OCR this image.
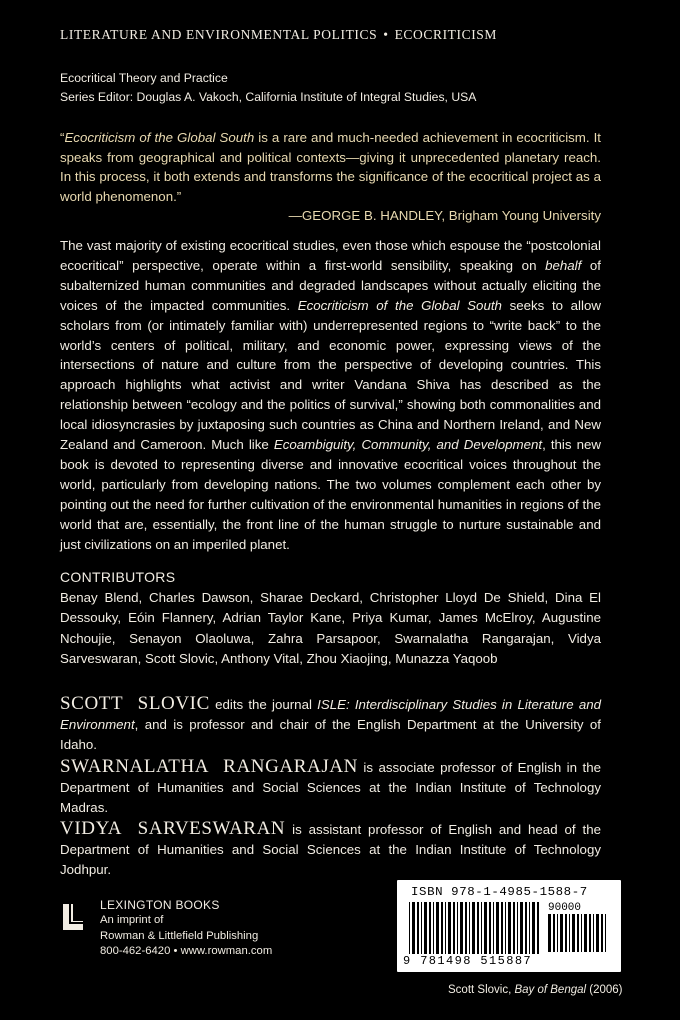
LITERATURE AND ENVIRONMENTAL POLITICS • ECOCRITICISM
Ecocritical Theory and Practice
Series Editor: Douglas A. Vakoch, California Institute of Integral Studies, USA
“Ecocriticism of the Global South is a rare and much-needed achievement in ecocriticism. It speaks from geographical and political contexts—giving it unprecedented planetary reach. In this process, it both extends and transforms the significance of the ecocritical project as a world phenomenon.”
—GEORGE B. HANDLEY, Brigham Young University
The vast majority of existing ecocritical studies, even those which espouse the “postcolonial ecocritical” perspective, operate within a first-world sensibility, speaking on behalf of subalternized human communities and degraded landscapes without actually eliciting the voices of the impacted communities. Ecocriticism of the Global South seeks to allow scholars from (or intimately familiar with) underrepresented regions to “write back” to the world’s centers of political, military, and economic power, expressing views of the intersections of nature and culture from the perspective of developing countries. This approach highlights what activist and writer Vandana Shiva has described as the relationship between “ecology and the politics of survival,” showing both commonalities and local idiosyncrasies by juxtaposing such countries as China and Northern Ireland, and New Zealand and Cameroon. Much like Ecoambiguity, Community, and Development, this new book is devoted to representing diverse and innovative ecocritical voices throughout the world, particularly from developing nations. The two volumes complement each other by pointing out the need for further cultivation of the environmental humanities in regions of the world that are, essentially, the front line of the human struggle to nurture sustainable and just civilizations on an imperiled planet.
CONTRIBUTORS
Benay Blend, Charles Dawson, Sharae Deckard, Christopher Lloyd De Shield, Dina El Dessouky, Eóin Flannery, Adrian Taylor Kane, Priya Kumar, James McElroy, Augustine Nchoujie, Senayon Olaoluwa, Zahra Parsapoor, Swarnalatha Rangarajan, Vidya Sarveswaran, Scott Slovic, Anthony Vital, Zhou Xiaojing, Munazza Yaqoob
SCOTT SLOVIC edits the journal ISLE: Interdisciplinary Studies in Literature and Environment, and is professor and chair of the English Department at the University of Idaho.
SWARNALATHA RANGARAJAN is associate professor of English in the Department of Humanities and Social Sciences at the Indian Institute of Technology Madras.
VIDYA SARVESWARAN is assistant professor of English and head of the Department of Humanities and Social Sciences at the Indian Institute of Technology Jodhpur.
LEXINGTON BOOKS
An imprint of
Rowman & Littlefield Publishing
800-462-6420 • www.rowman.com
ISBN 978-1-4985-1588-7
90000
9 781498 515887
Scott Slovic, Bay of Bengal (2006)
